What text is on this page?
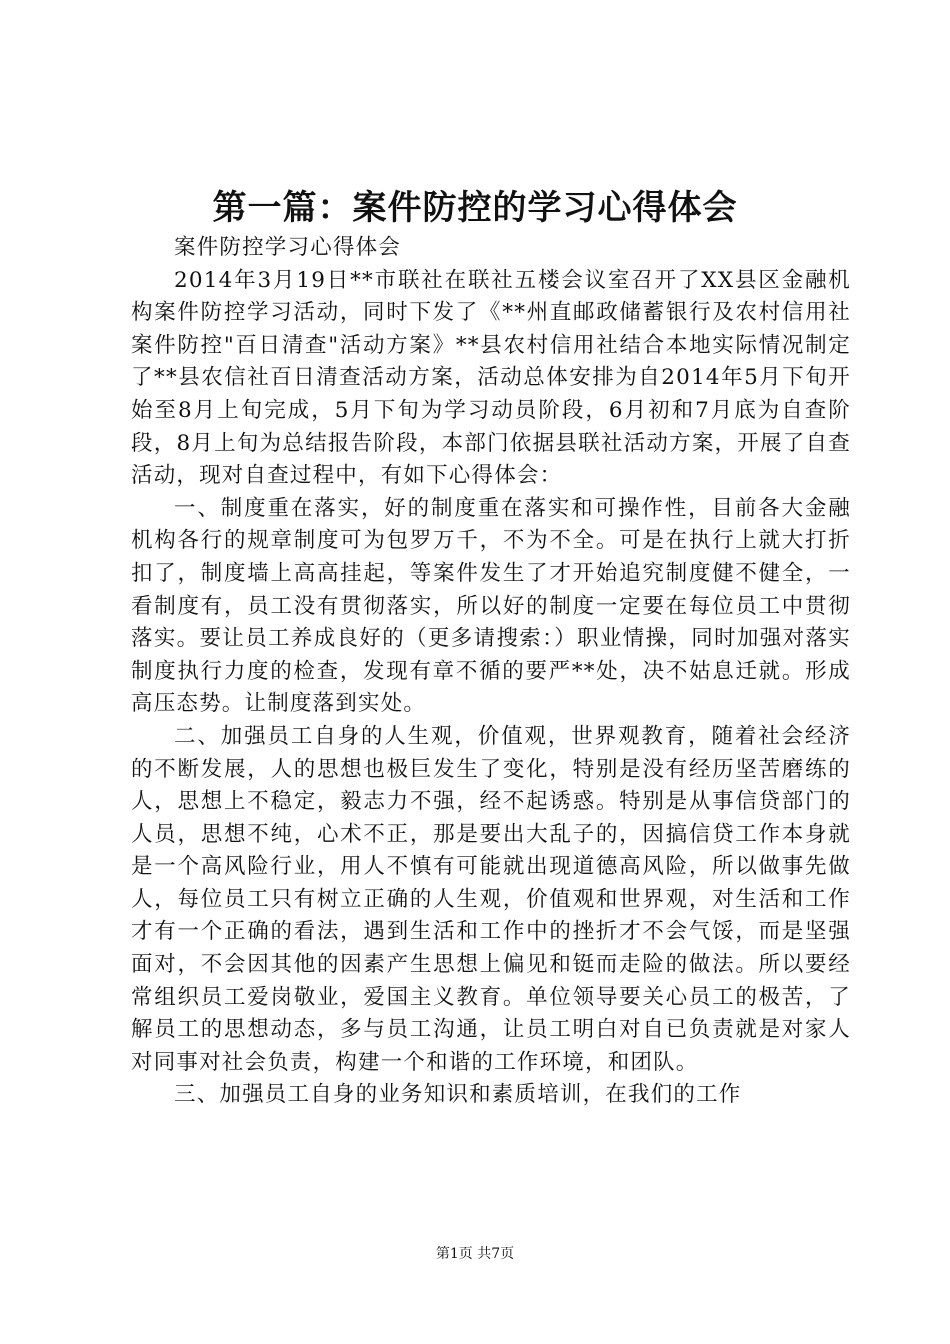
第一篇：案件防控的学习心得体会

案件防控学习心得体会

2014年3月19日**市联社在联社五楼会议室召开了XX县区金融机构案件防控学习活动，同时下发了《**州直邮政储蓄银行及农村信用社案件防控"百日清查"活动方案》**县农村信用社结合本地实际情况制定了**县农信社百日清查活动方案，活动总体安排为自2014年5月下旬开始至8月上旬完成，5月下旬为学习动员阶段，6月初和7月底为自查阶段，8月上旬为总结报告阶段，本部门依据县联社活动方案，开展了自查活动，现对自查过程中，有如下心得体会：

一、制度重在落实，好的制度重在落实和可操作性，目前各大金融机构各行的规章制度可为包罗万千，不为不全。可是在执行上就大打折扣了，制度墙上高高挂起，等案件发生了才开始追究制度健不健全，一看制度有，员工没有贯彻落实，所以好的制度一定要在每位员工中贯彻落实。要让员工养成良好的（更多请搜索：）职业情操，同时加强对落实制度执行力度的检查，发现有章不循的要严**处，决不姑息迁就。形成高压态势。让制度落到实处。

二、加强员工自身的人生观，价值观，世界观教育，随着社会经济的不断发展，人的思想也极巨发生了变化，特别是没有经历坚苦磨练的人，思想上不稳定，毅志力不强，经不起诱惑。特别是从事信贷部门的人员，思想不纯，心术不正，那是要出大乱子的，因搞信贷工作本身就是一个高风险行业，用人不慎有可能就出现道德高风险，所以做事先做人，每位员工只有树立正确的人生观，价值观和世界观，对生活和工作才有一个正确的看法，遇到生活和工作中的挫折才不会气馁，而是坚强面对，不会因其他的因素产生思想上偏见和铤而走险的做法。所以要经常组织员工爱岗敬业，爱国主义教育。单位领导要关心员工的极苦，了解员工的思想动态，多与员工沟通，让员工明白对自已负责就是对家人对同事对社会负责，构建一个和谐的工作环境，和团队。

三、加强员工自身的业务知识和素质培训，在我们的工作

第1页 共7页
